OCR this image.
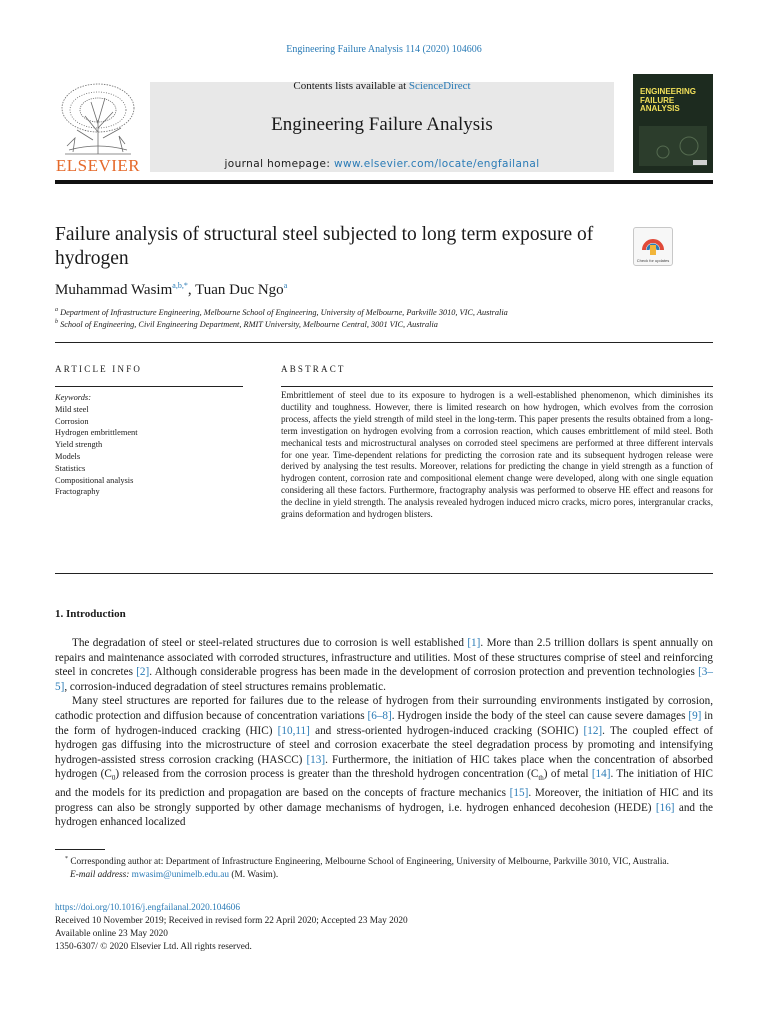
Engineering Failure Analysis 114 (2020) 104606
ELSEVIER
Contents lists available at ScienceDirect
Engineering Failure Analysis
journal homepage: www.elsevier.com/locate/engfailanal
ENGINEERING FAILURE ANALYSIS
Failure analysis of structural steel subjected to long term exposure of hydrogen	Check for updates
Muhammad Wasim$^{a,b,*}$, Tuan Duc Ngo$^a$
$^a$ Department of Infrastructure Engineering, Melbourne School of Engineering, University of Melbourne, Parkville 3010, VIC, Australia
$^b$ School of Engineering, Civil Engineering Department, RMIT University, Melbourne Central, 3001 VIC, Australia
ARTICLE INFO	ABSTRACT
Keywords:
Mild steel
Corrosion
Hydrogen embrittlement
Yield strength
Models
Statistics
Compositional analysis
Fractography
Embrittlement of steel due to its exposure to hydrogen is a well-established phenomenon, which diminishes its ductility and toughness. However, there is limited research on how hydrogen, which evolves from the corrosion process, affects the yield strength of mild steel in the long-term. This paper presents the results obtained from a long-term investigation on hydrogen evolving from a corrosion reaction, which causes embrittlement of mild steel. Both mechanical tests and microstructural analyses on corroded steel specimens are performed at three different intervals for one year. Time-dependent relations for predicting the corrosion rate and its subsequent hydrogen release were derived by analysing the test results. Moreover, relations for predicting the change in yield strength as a function of hydrogen content, corrosion rate and compositional element change were developed, along with one single equation considering all these factors. Furthermore, fractography analysis was performed to observe HE effect and reasons for the decline in yield strength. The analysis revealed hydrogen induced micro cracks, micro pores, intergranular cracks, grains deformation and hydrogen blisters.
1. Introduction

The degradation of steel or steel-related structures due to corrosion is well established [1]. More than 2.5 trillion dollars is spent annually on repairs and maintenance associated with corroded structures, infrastructure and utilities. Most of these structures comprise of steel and reinforcing steel in concretes [2]. Although considerable progress has been made in the development of corrosion protection and prevention technologies [3–5], corrosion-induced degradation of steel structures remains problematic.

Many steel structures are reported for failures due to the release of hydrogen from their surrounding environments instigated by corrosion, cathodic protection and diffusion because of concentration variations [6–8]. Hydrogen inside the body of the steel can cause severe damages [9] in the form of hydrogen-induced cracking (HIC) [10,11] and stress-oriented hydrogen-induced cracking (SOHIC) [12]. The coupled effect of hydrogen gas diffusing into the microstructure of steel and corrosion exacerbate the steel degradation process by promoting and intensifying hydrogen-assisted stress corrosion cracking (HASCC) [13]. Furthermore, the initiation of HIC takes place when the concentration of absorbed hydrogen $(C_0)$ released from the corrosion process is greater than the threshold hydrogen concentration $(C_{th})$ of metal [14]. The initiation of HIC and the models for its prediction and propagation are based on the concepts of fracture mechanics [15]. Moreover, the initiation of HIC and its progress can also be strongly supported by other damage mechanisms of hydrogen, i.e. hydrogen enhanced decohesion (HEDE) [16] and the hydrogen enhanced localized

* Corresponding author at: Department of Infrastructure Engineering, Melbourne School of Engineering, University of Melbourne, Parkville 3010, VIC, Australia.
E-mail address: mwasim@unimelb.edu.au (M. Wasim).
https://doi.org/10.1016/j.engfailanal.2020.104606
Received 10 November 2019; Received in revised form 22 April 2020; Accepted 23 May 2020
Available online 23 May 2020
1350-6307/ © 2020 Elsevier Ltd. All rights reserved.
